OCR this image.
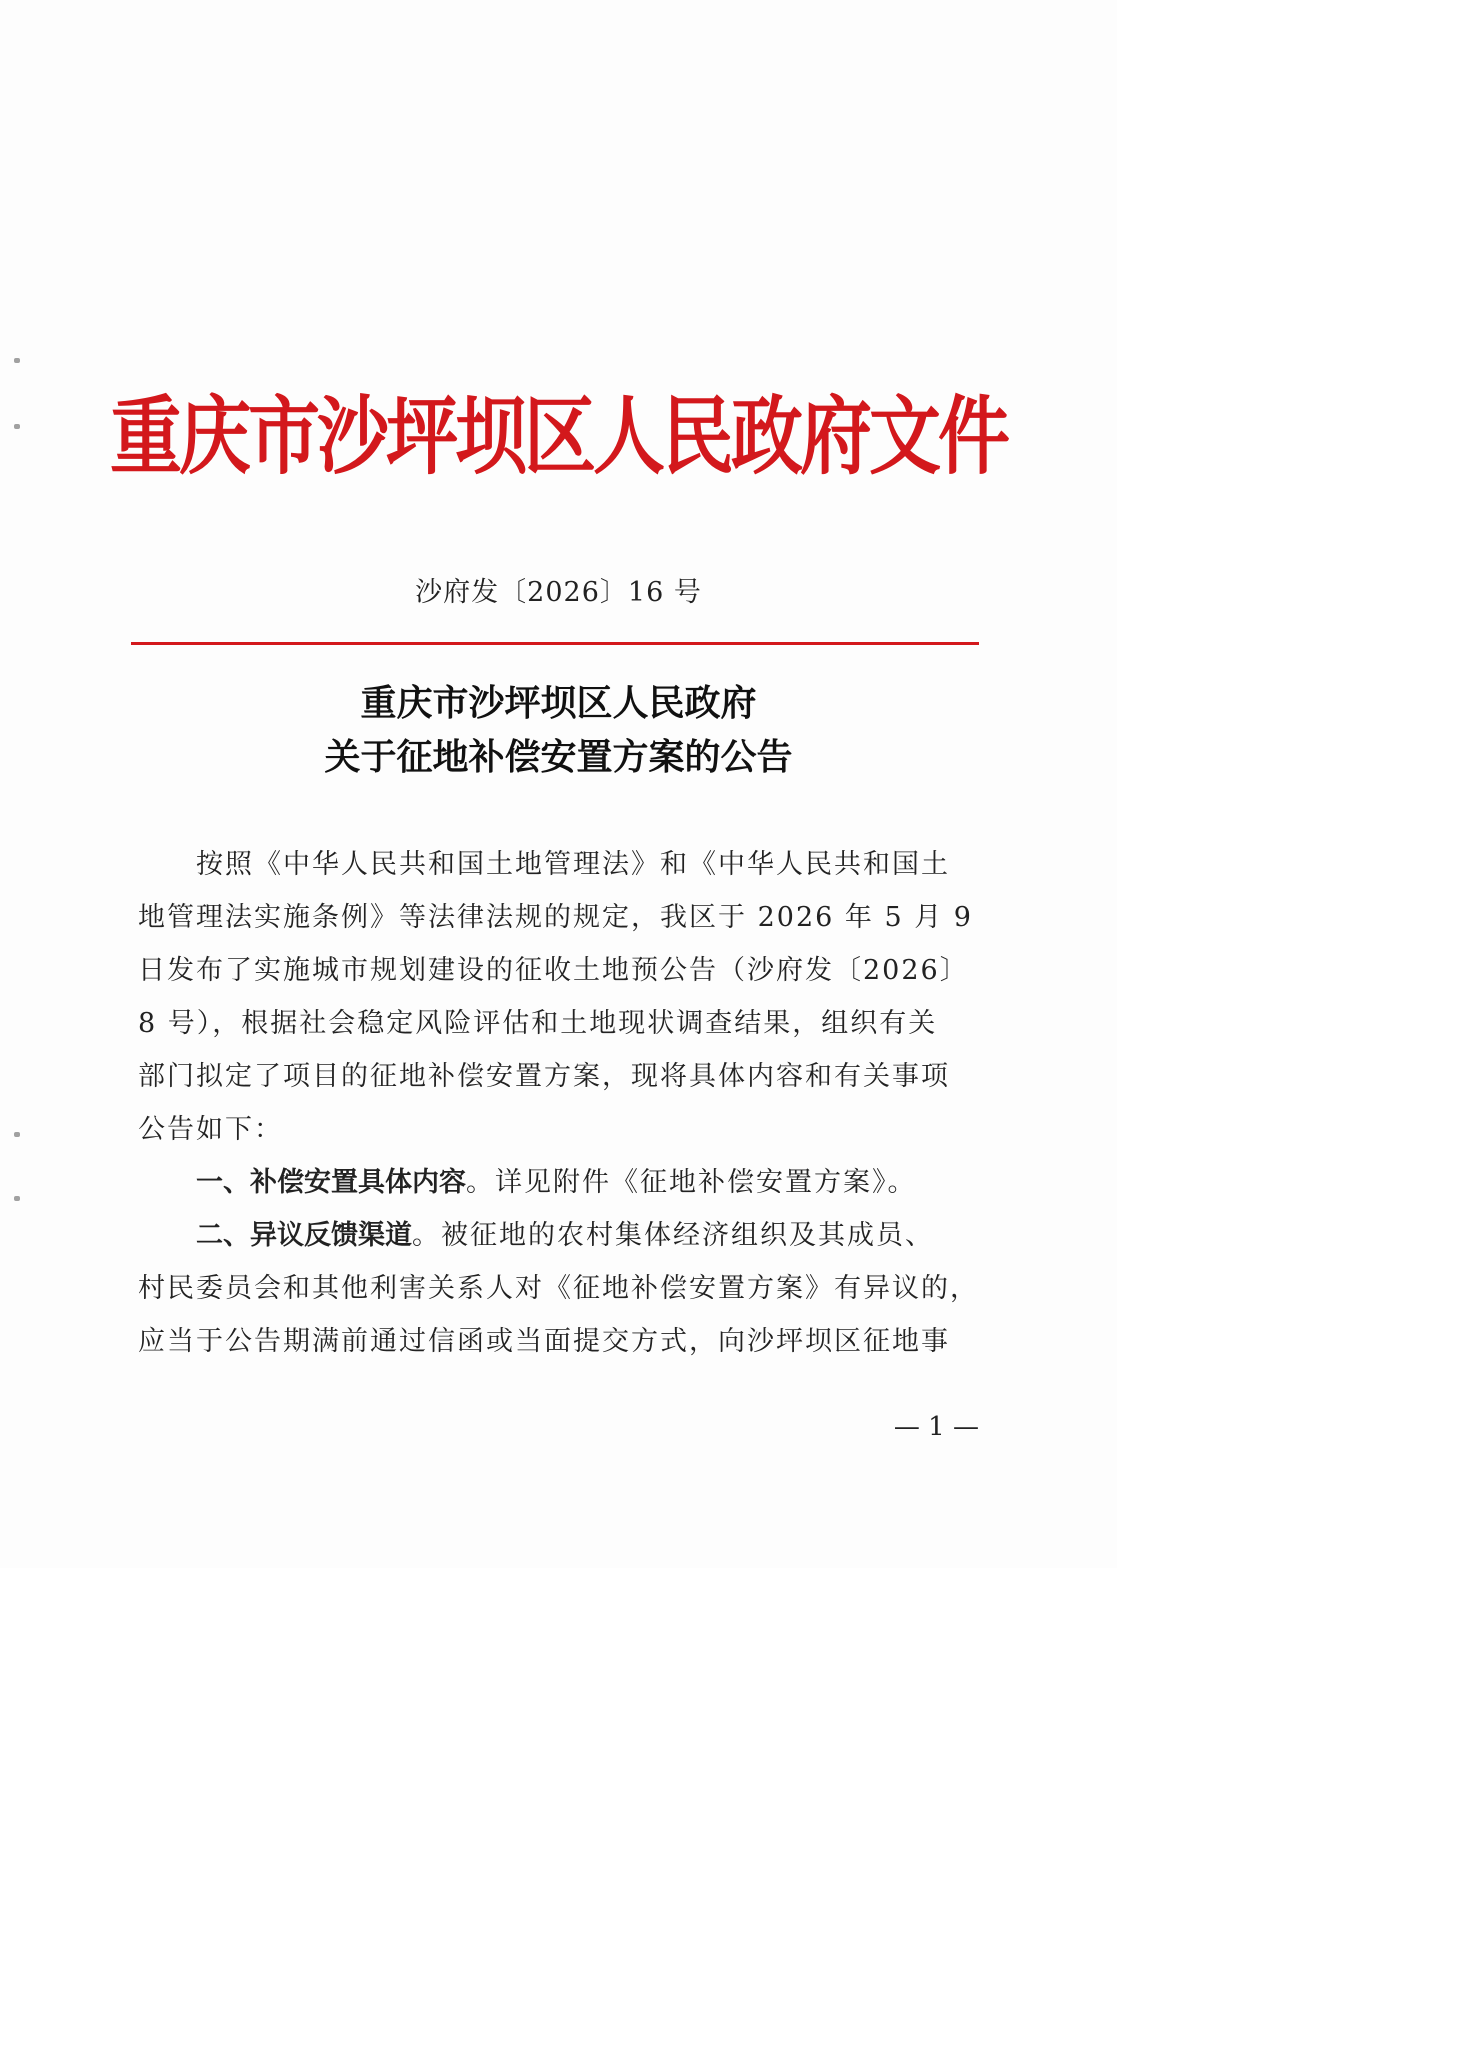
重庆市沙坪坝区人民政府文件
沙府发〔2026〕16 号
重庆市沙坪坝区人民政府
关于征地补偿安置方案的公告
　　按照《中华人民共和国土地管理法》和《中华人民共和国土
地管理法实施条例》等法律法规的规定，我区于 2026 年 5 月 9
日发布了实施城市规划建设的征收土地预公告（沙府发〔2026〕
8 号），根据社会稳定风险评估和土地现状调查结果，组织有关
部门拟定了项目的征地补偿安置方案，现将具体内容和有关事项
公告如下：
　　一、补偿安置具体内容。详见附件《征地补偿安置方案》。
　　二、异议反馈渠道。被征地的农村集体经济组织及其成员、
村民委员会和其他利害关系人对《征地补偿安置方案》有异议的，
应当于公告期满前通过信函或当面提交方式，向沙坪坝区征地事
— 1 —
